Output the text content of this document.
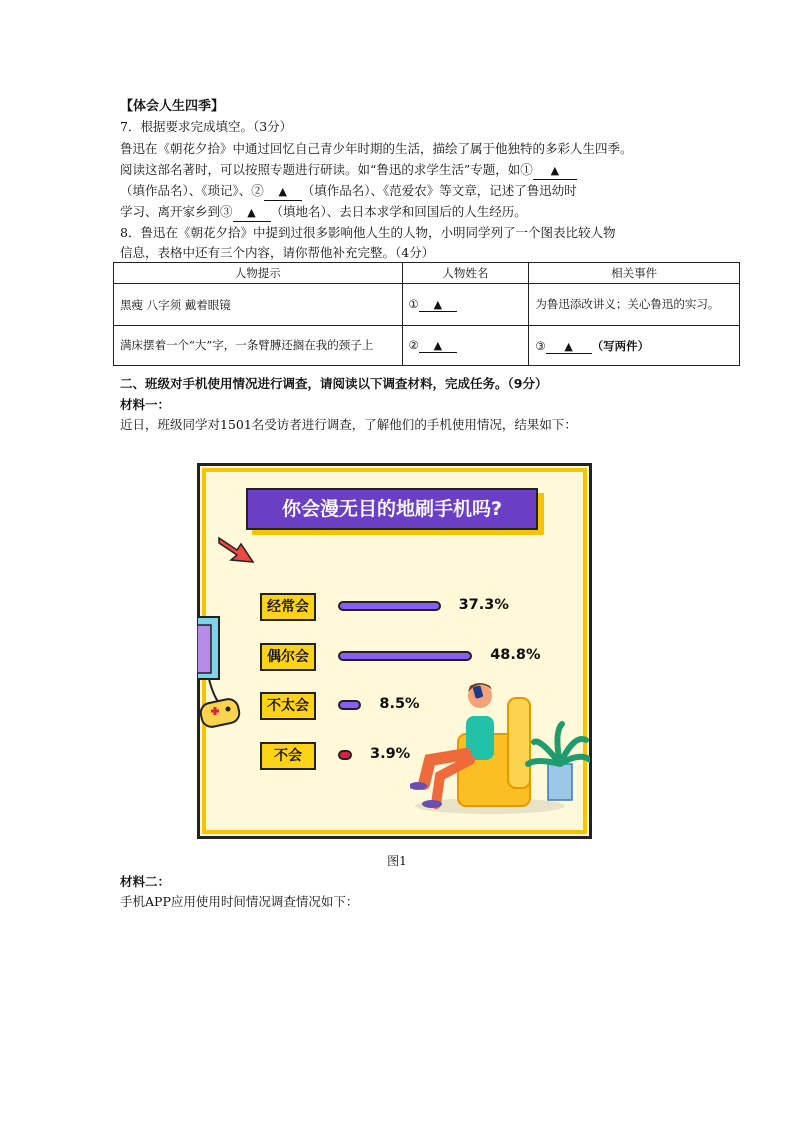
【体会人生四季】
7．根据要求完成填空。（3分）
鲁迅在《朝花夕拾》中通过回忆自己青少年时期的生活，描绘了属于他独特的多彩人生四季。
阅读这部名著时，可以按照专题进行研读。如“鲁迅的求学生活”专题，如① ▲
（填作品名）、《琐记》、② ▲ （填作品名）、《范爱农》等文章，记述了鲁迅幼时
学习、离开家乡到③ ▲ （填地名）、去日本求学和回国后的人生经历。
8．鲁迅在《朝花夕拾》中提到过很多影响他人生的人物，小明同学列了一个图表比较人物
信息，表格中还有三个内容，请你帮他补充完整。（4分）
人物提示	人物姓名	相关事件
黑瘦 八字须 戴着眼镜	① ▲	为鲁迅添改讲义；关心鲁迅的实习。
满床摆着一个“大”字，一条臂膊还搁在我的颈子上	② ▲	③ ▲ （写两件）
二、班级对手机使用情况进行调查，请阅读以下调查材料，完成任务。（9分）
材料一：
近日，班级同学对1501名受访者进行调查，了解他们的手机使用情况，结果如下：
你会漫无目的地刷手机吗?
经常会
偶尔会
不太会
不会
37.3%
48.8%
8.5%
3.9%
图1
材料二：
手机APP应用使用时间情况调查情况如下：
